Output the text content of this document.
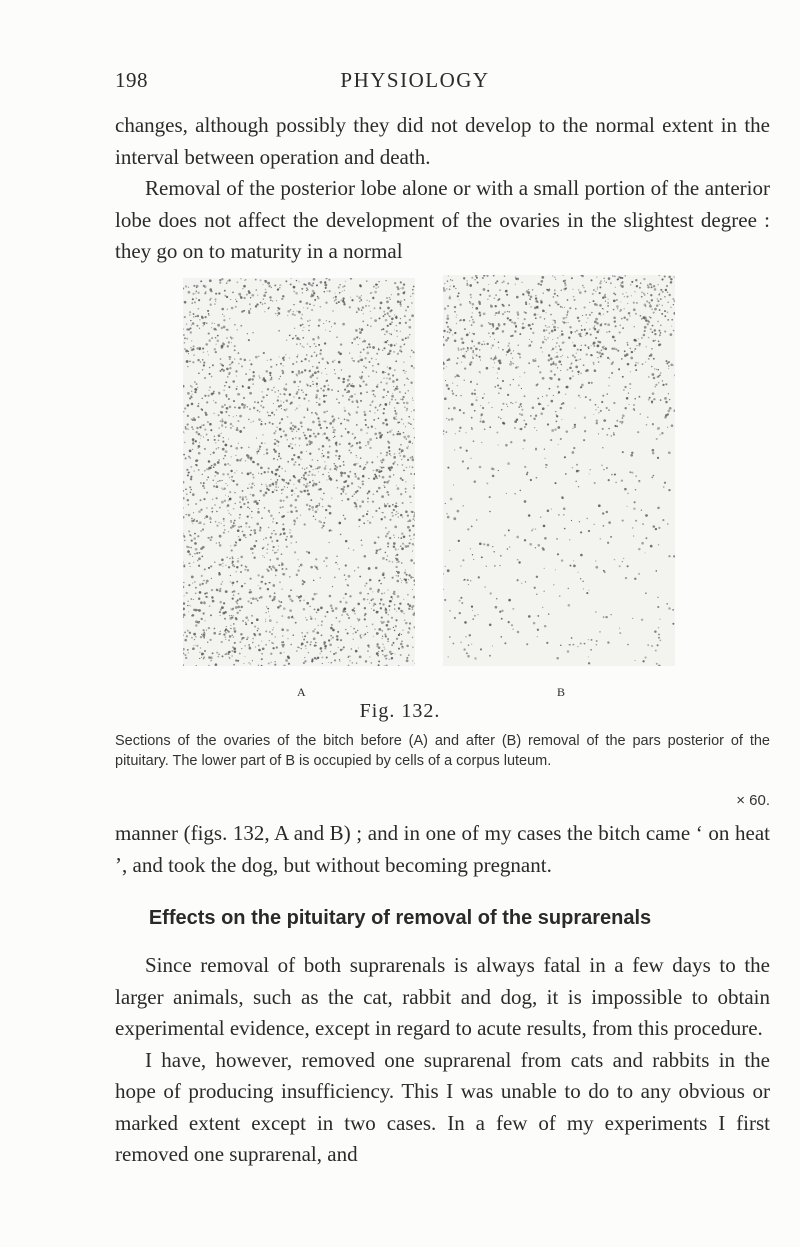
198	PHYSIOLOGY

changes, although possibly they did not develop to the normal extent in the interval between operation and death.

Removal of the posterior lobe alone or with a small portion of the anterior lobe does not affect the development of the ovaries in the slightest degree : they go on to maturity in a normal

A	B
Fig. 132.

Sections of the ovaries of the bitch before (A) and after (B) removal of the pars posterior of the pituitary. The lower part of B is occupied by cells of a corpus luteum.

× 60.

manner (figs. 132, A and B) ; and in one of my cases the bitch came ‘ on heat ’, and took the dog, but without becoming pregnant.

Effects on the pituitary of removal of the suprarenals

Since removal of both suprarenals is always fatal in a few days to the larger animals, such as the cat, rabbit and dog, it is impossible to obtain experimental evidence, except in regard to acute results, from this procedure.

I have, however, removed one suprarenal from cats and rabbits in the hope of producing insufficiency. This I was unable to do to any obvious or marked extent except in two cases. In a few of my experiments I first removed one suprarenal, and
